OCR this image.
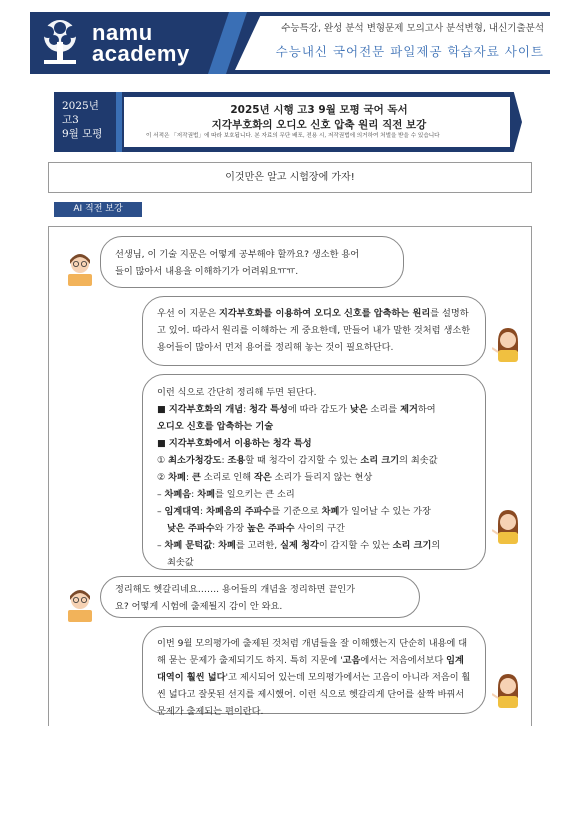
namu
academy
수능특강, 완성 분석 변형문제 모의고사 분석변형, 내신기출분석
수능내신 국어전문 파일제공 학습자료 사이트
2025년
고3
9월 모평
2025년 시행 고3 9월 모평 국어 독서
지각부호화의 오디오 신호 압축 원리 직전 보강
이 서적은 「저작권법」에 따라 보호됩니다. 본 자료의 무단 배포, 전용 시, 저작권법에 의거하여 처벌을 받을 수 있습니다
이것만은 알고 시험장에 가자!
AI 직전 보강
선생님, 이 기술 지문은 어떻게 공부해야 할까요? 생소한 용어
들이 많아서 내용을 이해하기가 어려워요ㅠㅠ.
우선 이 지문은 지각부호화를 이용하여 오디오 신호를 압축하는 원리를 설명하고 있어. 따라서 원리를 이해하는 게 중요한데, 만들어 내가 말한 것처럼 생소한 용어들이 많아서 먼저 용어를 정리해 놓는 것이 필요하단다.
이런 식으로 간단히 정리해 두면 된단다.
■ 지각부호화의 개념: 청각 특성에 따라 감도가 낮은 소리를 제거하여
오디오 신호를 압축하는 기술
■ 지각부호화에서 이용하는 청각 특성
① 최소가청강도: 조용할 때 청각이 감지할 수 있는 소리 크기의 최솟값
② 차폐: 큰 소리로 인해 작은 소리가 들리지 않는 현상
– 차폐음: 차폐를 일으키는 큰 소리
– 임계대역: 차폐음의 주파수를 기준으로 차폐가 일어날 수 있는 가장
낮은 주파수와 가장 높은 주파수 사이의 구간
– 차폐 문턱값: 차폐를 고려한, 실제 청각이 감지할 수 있는 소리 크기의
최솟값
정리해도 헷갈리네요……. 용어들의 개념을 정리하면 끝인가
요? 어떻게 시험에 출제될지 감이 안 와요.
이번 9월 모의평가에 출제된 것처럼 개념들을 잘 이해했는지 단순히 내용에 대해 묻는 문제가 출제되기도 하지. 특히 지문에 '고음에서는 저음에서보다 임계대역이 훨씬 넓다'고 제시되어 있는데 모의평가에서는 고음이 아니라 저음이 훨씬 넓다고 잘못된 선지를 제시했어. 이런 식으로 헷갈리게 단어를 살짝 바꿔서 문제가 출제되는 편이란다.
